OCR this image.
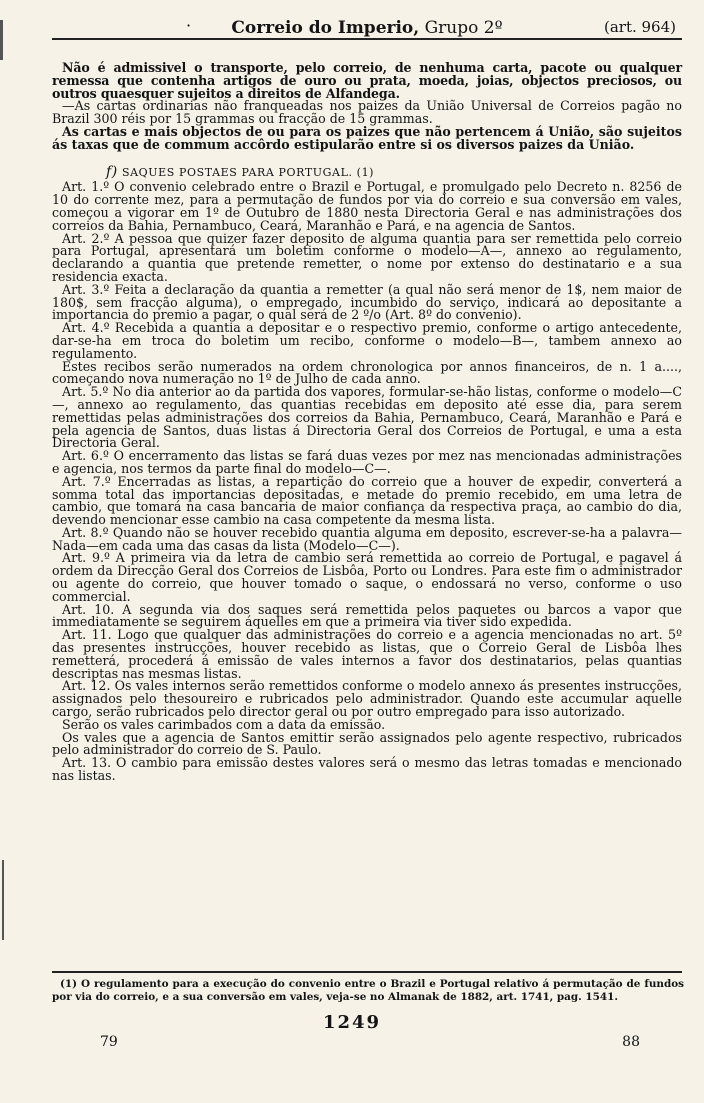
·	Correio do Imperio, Grupo 2º	(art. 964)

Não é admissivel o transporte, pelo correio, de nenhuma carta, pacote ou qualquer remessa que contenha artigos de ouro ou prata, moeda, joias, objectos preciosos, ou outros quaesquer sujeitos a direitos de Alfandega.

—As cartas ordinarias não franqueadas nos paizes da União Universal de Correios pagão no Brazil 300 réis por 15 grammas ou fracção de 15 grammas.

As cartas e mais objectos de ou para os paizes que não pertencem á União, são sujeitos ás taxas que de commum accôrdo estipularão entre si os diversos paizes da União.

f) SAQUES POSTAES PARA PORTUGAL. (1)

Art. 1.º O convenio celebrado entre o Brazil e Portugal, e promulgado pelo Decreto n. 8256 de 10 do corrente mez, para a permutação de fundos por via do correio e sua conversão em vales, começou a vigorar em 1º de Outubro de 1880 nesta Directoria Geral e nas administrações dos correios da Bahia, Pernambuco, Ceará, Maranhão e Pará, e na agencia de Santos.

Art. 2.º A pessoa que quizer fazer deposito de alguma quantia para ser remettida pelo correio para Portugal, apresentará um boletim conforme o modelo—A—, annexo ao regulamento, declarando a quantia que pretende remetter, o nome por extenso do destinatario e a sua residencia exacta.

Art. 3.º Feita a declaração da quantia a remetter (a qual não será menor de 1$, nem maior de 180$, sem fracção alguma), o empregado, incumbido do serviço, indicará ao depositante a importancia do premio a pagar, o qual será de 2 º/o (Art. 8º do convenio).

Art. 4.º Recebida a quantia a depositar e o respectivo premio, conforme o artigo antecedente, dar-se-ha em troca do boletim um recibo, conforme o modelo—B—, tambem annexo ao regulamento.

Estes recibos serão numerados na ordem chronologica por annos financeiros, de n. 1 a...., começando nova numeração no 1º de Julho de cada anno.

Art. 5.º No dia anterior ao da partida dos vapores, formular-se-hão listas, conforme o modelo—C—, annexo ao regulamento, das quantias recebidas em deposito até esse dia, para serem remettidas pelas administrações dos correios da Bahia, Pernambuco, Ceará, Maranhão e Pará e pela agencia de Santos, duas listas á Directoria Geral dos Correios de Portugal, e uma a esta Directoria Geral.

Art. 6.º O encerramento das listas se fará duas vezes por mez nas mencionadas administrações e agencia, nos termos da parte final do modelo—C—.

Art. 7.º Encerradas as listas, a repartição do correio que a houver de expedir, converterá a somma total das importancias depositadas, e metade do premio recebido, em uma letra de cambio, que tomará na casa bancaria de maior confiança da respectiva praça, ao cambio do dia, devendo mencionar esse cambio na casa competente da mesma lista.

Art. 8.º Quando não se houver recebido quantia alguma em deposito, escrever-se-ha a palavra—Nada—em cada uma das casas da lista (Modelo—C—).

Art. 9.º A primeira via da letra de cambio será remettida ao correio de Portugal, e pagavel á ordem da Direcção Geral dos Correios de Lisbôa, Porto ou Londres. Para este fim o administrador ou agente do correio, que houver tomado o saque, o endossará no verso, conforme o uso commercial.

Art. 10. A segunda via dos saques será remettida pelos paquetes ou barcos a vapor que immediatamente se seguirem áquelles em que a primeira via tiver sido expedida.

Art. 11. Logo que qualquer das administrações do correio e a agencia mencionadas no art. 5º das presentes instrucções, houver recebido as listas, que o Correio Geral de Lisbôa lhes remetterá, procederá á emissão de vales internos a favor dos destinatarios, pelas quantias descriptas nas mesmas listas.

Art. 12. Os vales internos serão remettidos conforme o modelo annexo ás presentes instrucções, assignados pelo thesoureiro e rubricados pelo administrador. Quando este accumular aquelle cargo, serão rubricados pelo director geral ou por outro empregado para isso autorizado.

Serão os vales carimbados com a data da emissão.

Os vales que a agencia de Santos emittir serão assignados pelo agente respectivo, rubricados pelo administrador do correio de S. Paulo.

Art. 13. O cambio para emissão destes valores será o mesmo das letras tomadas e mencionado nas listas.

(1) O regulamento para a execução do convenio entre o Brazil e Portugal relativo á permutação de fundos por via do correio, e a sua conversão em vales, veja-se no Almanak de 1882, art. 1741, pag. 1541.
1249
79	88
